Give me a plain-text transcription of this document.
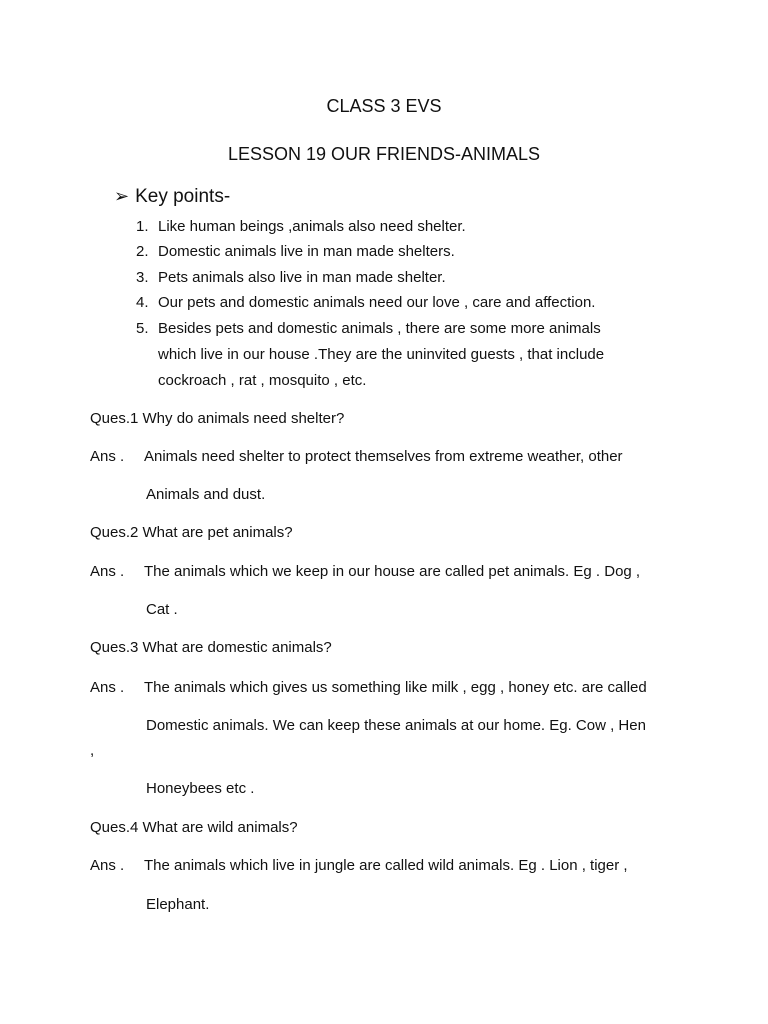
CLASS 3 EVS
LESSON 19 OUR FRIENDS-ANIMALS
➢ Key points-
1. Like human beings ,animals also need shelter.
2. Domestic animals live in man made shelters.
3. Pets animals also live in man made shelter.
4. Our pets and domestic animals need our love , care and affection.
5. Besides pets and domestic animals , there are some more animals
which live in our house .They are the uninvited guests , that include
cockroach , rat , mosquito , etc.
Ques.1 Why do animals need shelter?
Ans . Animals need shelter to protect themselves from extreme weather, other
Animals and dust.
Ques.2 What are pet animals?
Ans . The animals which we keep in our house are called pet animals. Eg . Dog ,
Cat .
Ques.3 What are domestic animals?
Ans . The animals which gives us something like milk , egg , honey etc. are called
Domestic animals. We can keep these animals at our home. Eg. Cow , Hen
,
Honeybees etc .
Ques.4 What are wild animals?
Ans . The animals which live in jungle are called wild animals. Eg . Lion , tiger ,
Elephant.
